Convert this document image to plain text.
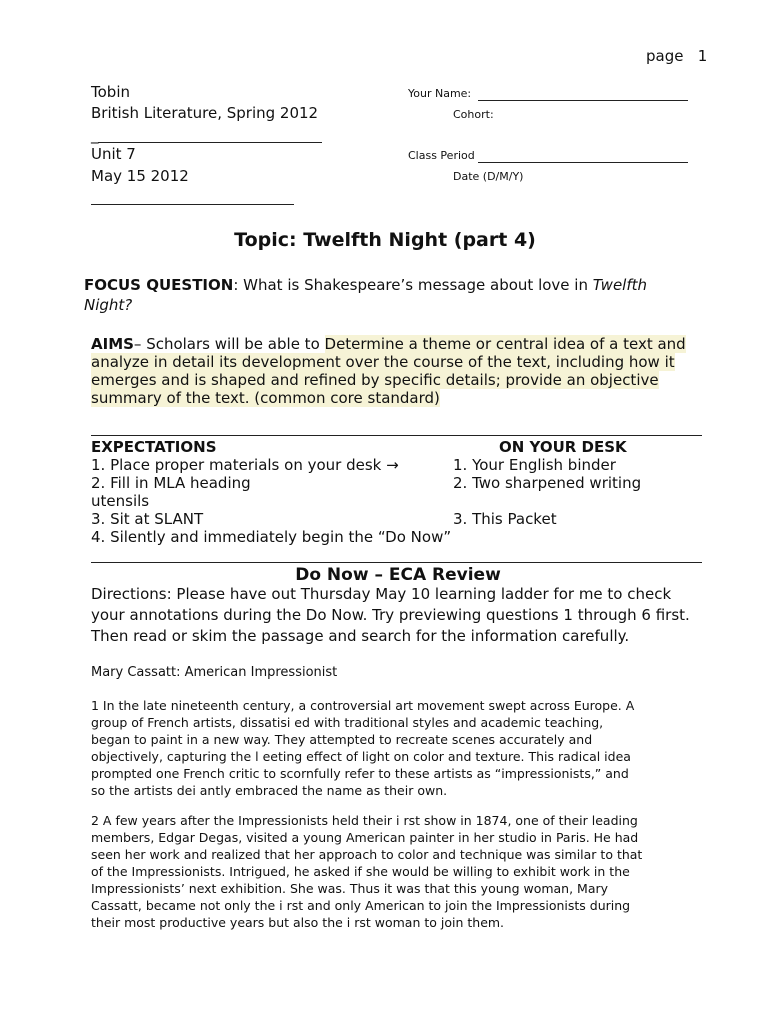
page 1
Tobin
British Literature, Spring 2012
_
Unit 7
May 15 2012
Your Name:
Cohort:
Class Period
Date (D/M/Y)
Topic: Twelfth Night (part 4)
FOCUS QUESTION: What is Shakespeare’s message about love in Twelfth
Night?
AIMS– Scholars will be able to Determine a theme or central idea of a text and
analyze in detail its development over the course of the text, including how it
emerges and is shaped and refined by specific details; provide an objective
summary of the text. (common core standard)
EXPECTATIONS	ON YOUR DESK
1. Place proper materials on your desk →
2. Fill in MLA heading
utensils
3. Sit at SLANT
4. Silently and immediately begin the “Do Now”
1. Your English binder
2. Two sharpened writing
3. This Packet
Do Now – ECA Review
Directions: Please have out Thursday May 10 learning ladder for me to check
your annotations during the Do Now. Try previewing questions 1 through 6 first.
Then read or skim the passage and search for the information carefully.
Mary Cassatt: American Impressionist
1 In the late nineteenth century, a controversial art movement swept across Europe. A
group of French artists, dissatisi ed with traditional styles and academic teaching,
began to paint in a new way. They attempted to recreate scenes accurately and
objectively, capturing the l eeting effect of light on color and texture. This radical idea
prompted one French critic to scornfully refer to these artists as “impressionists,” and
so the artists dei antly embraced the name as their own.
2 A few years after the Impressionists held their i rst show in 1874, one of their leading
members, Edgar Degas, visited a young American painter in her studio in Paris. He had
seen her work and realized that her approach to color and technique was similar to that
of the Impressionists. Intrigued, he asked if she would be willing to exhibit work in the
Impressionists’ next exhibition. She was. Thus it was that this young woman, Mary
Cassatt, became not only the i rst and only American to join the Impressionists during
their most productive years but also the i rst woman to join them.
